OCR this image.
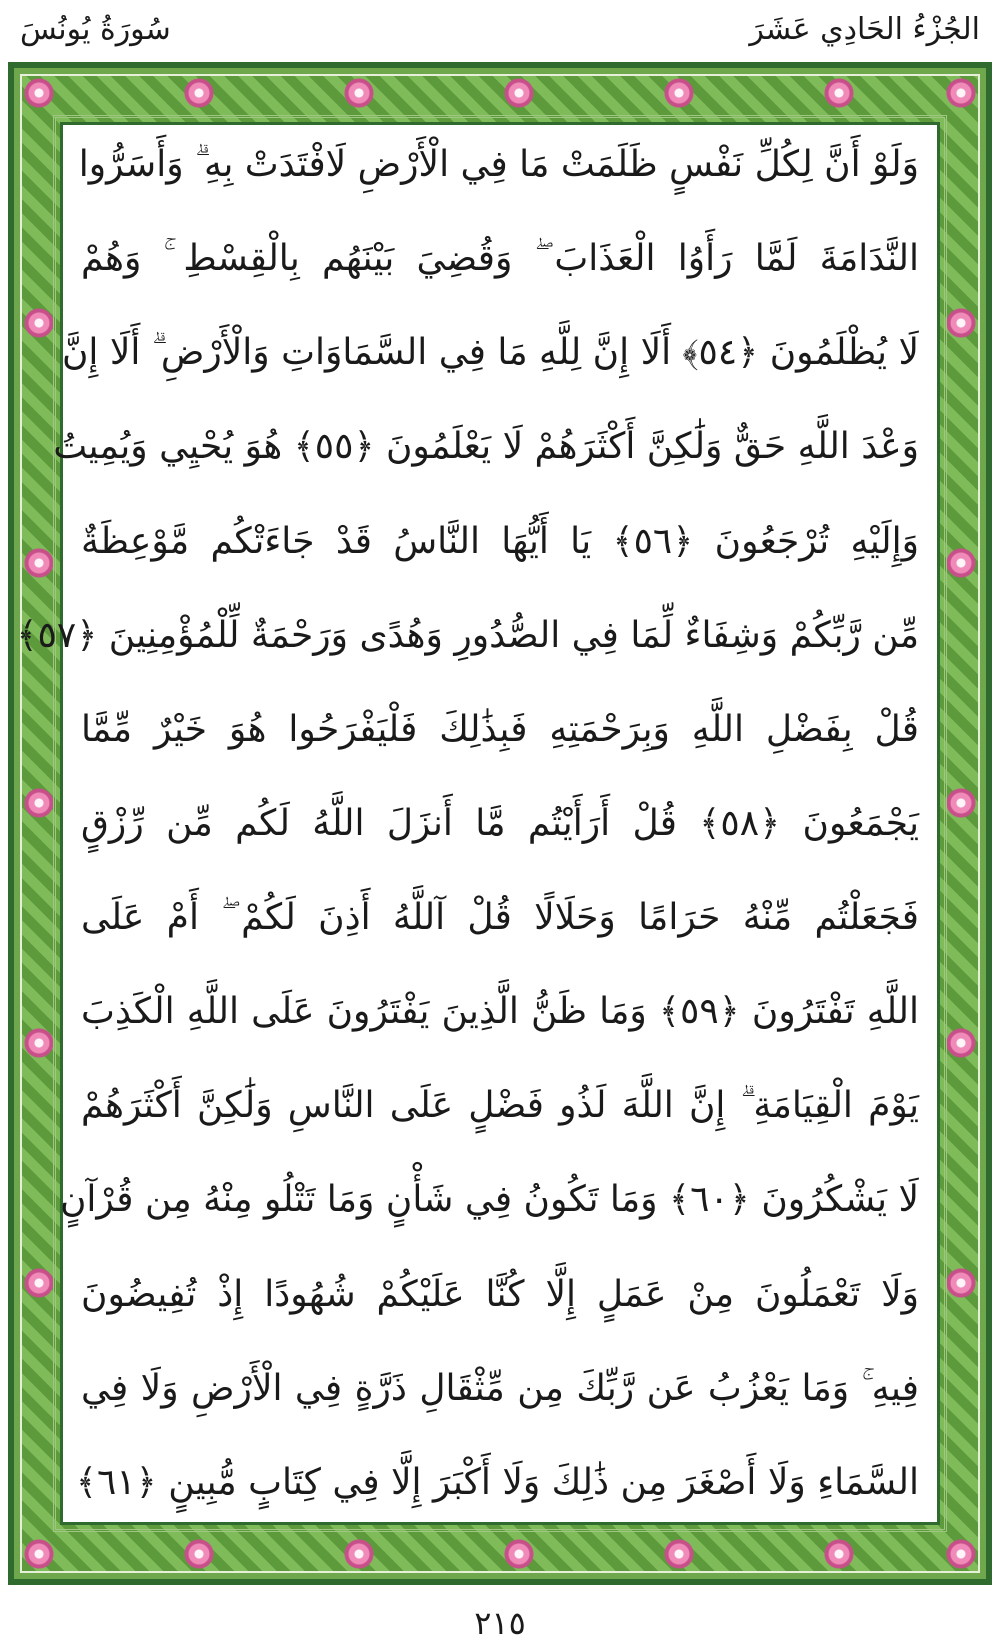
سُورَةُ يُونُسَ	الجُزْءُ الحَادِي عَشَرَ
وَلَوْ أَنَّ لِكُلِّ نَفْسٍ ظَلَمَتْ مَا فِي الْأَرْضِ لَافْتَدَتْ بِهِ ۗ وَأَسَرُّوا
النَّدَامَةَ لَمَّا رَأَوُا الْعَذَابَ ۖ وَقُضِيَ بَيْنَهُم بِالْقِسْطِ ۚ وَهُمْ
لَا يُظْلَمُونَ ﴿٥٤﴾ أَلَا إِنَّ لِلَّهِ مَا فِي السَّمَاوَاتِ وَالْأَرْضِ ۗ أَلَا إِنَّ
وَعْدَ اللَّهِ حَقٌّ وَلَٰكِنَّ أَكْثَرَهُمْ لَا يَعْلَمُونَ ﴿٥٥﴾ هُوَ يُحْيِي وَيُمِيتُ
وَإِلَيْهِ تُرْجَعُونَ ﴿٥٦﴾ يَا أَيُّهَا النَّاسُ قَدْ جَاءَتْكُم مَّوْعِظَةٌ
مِّن رَّبِّكُمْ وَشِفَاءٌ لِّمَا فِي الصُّدُورِ وَهُدًى وَرَحْمَةٌ لِّلْمُؤْمِنِينَ ﴿٥٧﴾
قُلْ بِفَضْلِ اللَّهِ وَبِرَحْمَتِهِ فَبِذَٰلِكَ فَلْيَفْرَحُوا هُوَ خَيْرٌ مِّمَّا
يَجْمَعُونَ ﴿٥٨﴾ قُلْ أَرَأَيْتُم مَّا أَنزَلَ اللَّهُ لَكُم مِّن رِّزْقٍ
فَجَعَلْتُم مِّنْهُ حَرَامًا وَحَلَالًا قُلْ آللَّهُ أَذِنَ لَكُمْ ۖ أَمْ عَلَى
اللَّهِ تَفْتَرُونَ ﴿٥٩﴾ وَمَا ظَنُّ الَّذِينَ يَفْتَرُونَ عَلَى اللَّهِ الْكَذِبَ
يَوْمَ الْقِيَامَةِ ۗ إِنَّ اللَّهَ لَذُو فَضْلٍ عَلَى النَّاسِ وَلَٰكِنَّ أَكْثَرَهُمْ
لَا يَشْكُرُونَ ﴿٦٠﴾ وَمَا تَكُونُ فِي شَأْنٍ وَمَا تَتْلُو مِنْهُ مِن قُرْآنٍ
وَلَا تَعْمَلُونَ مِنْ عَمَلٍ إِلَّا كُنَّا عَلَيْكُمْ شُهُودًا إِذْ تُفِيضُونَ
فِيهِ ۚ وَمَا يَعْزُبُ عَن رَّبِّكَ مِن مِّثْقَالِ ذَرَّةٍ فِي الْأَرْضِ وَلَا فِي
السَّمَاءِ وَلَا أَصْغَرَ مِن ذَٰلِكَ وَلَا أَكْبَرَ إِلَّا فِي كِتَابٍ مُّبِينٍ ﴿٦١﴾
٢١٥
